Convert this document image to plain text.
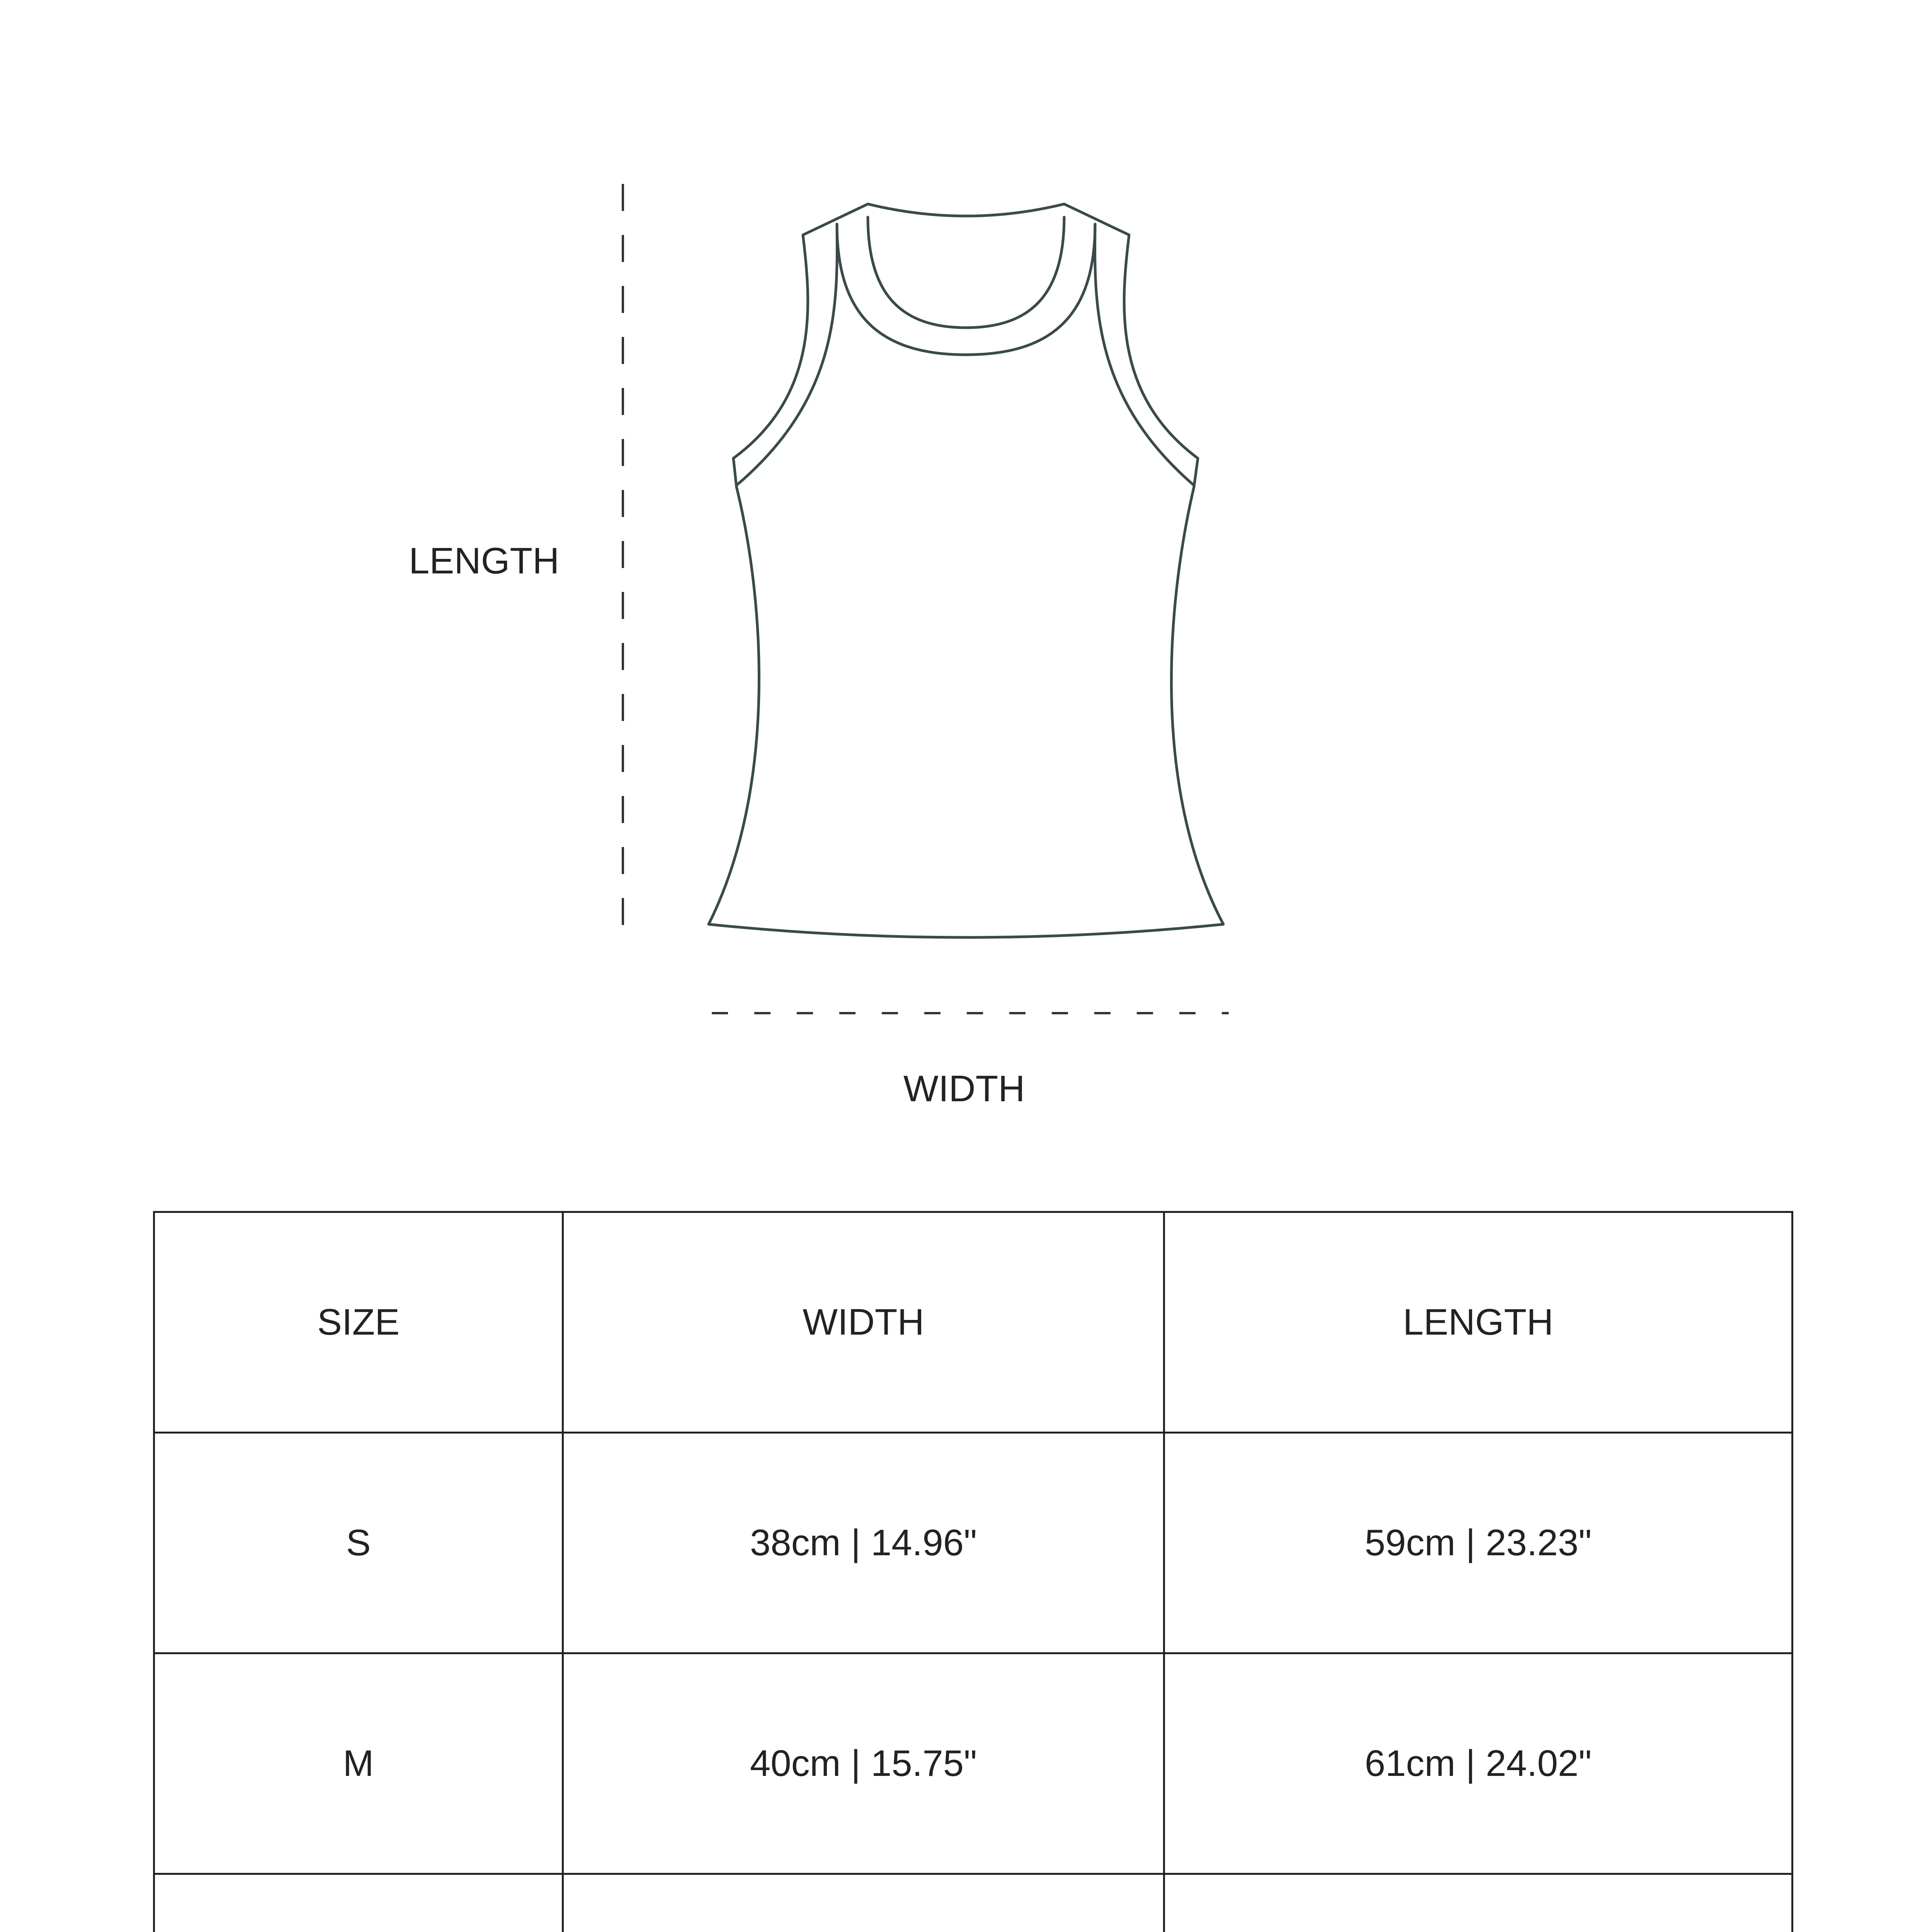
LENGTH
WIDTH
SIZE	WIDTH	LENGTH
S	38cm | 14.96"	59cm | 23.23"
M	40cm | 15.75"	61cm | 24.02"
